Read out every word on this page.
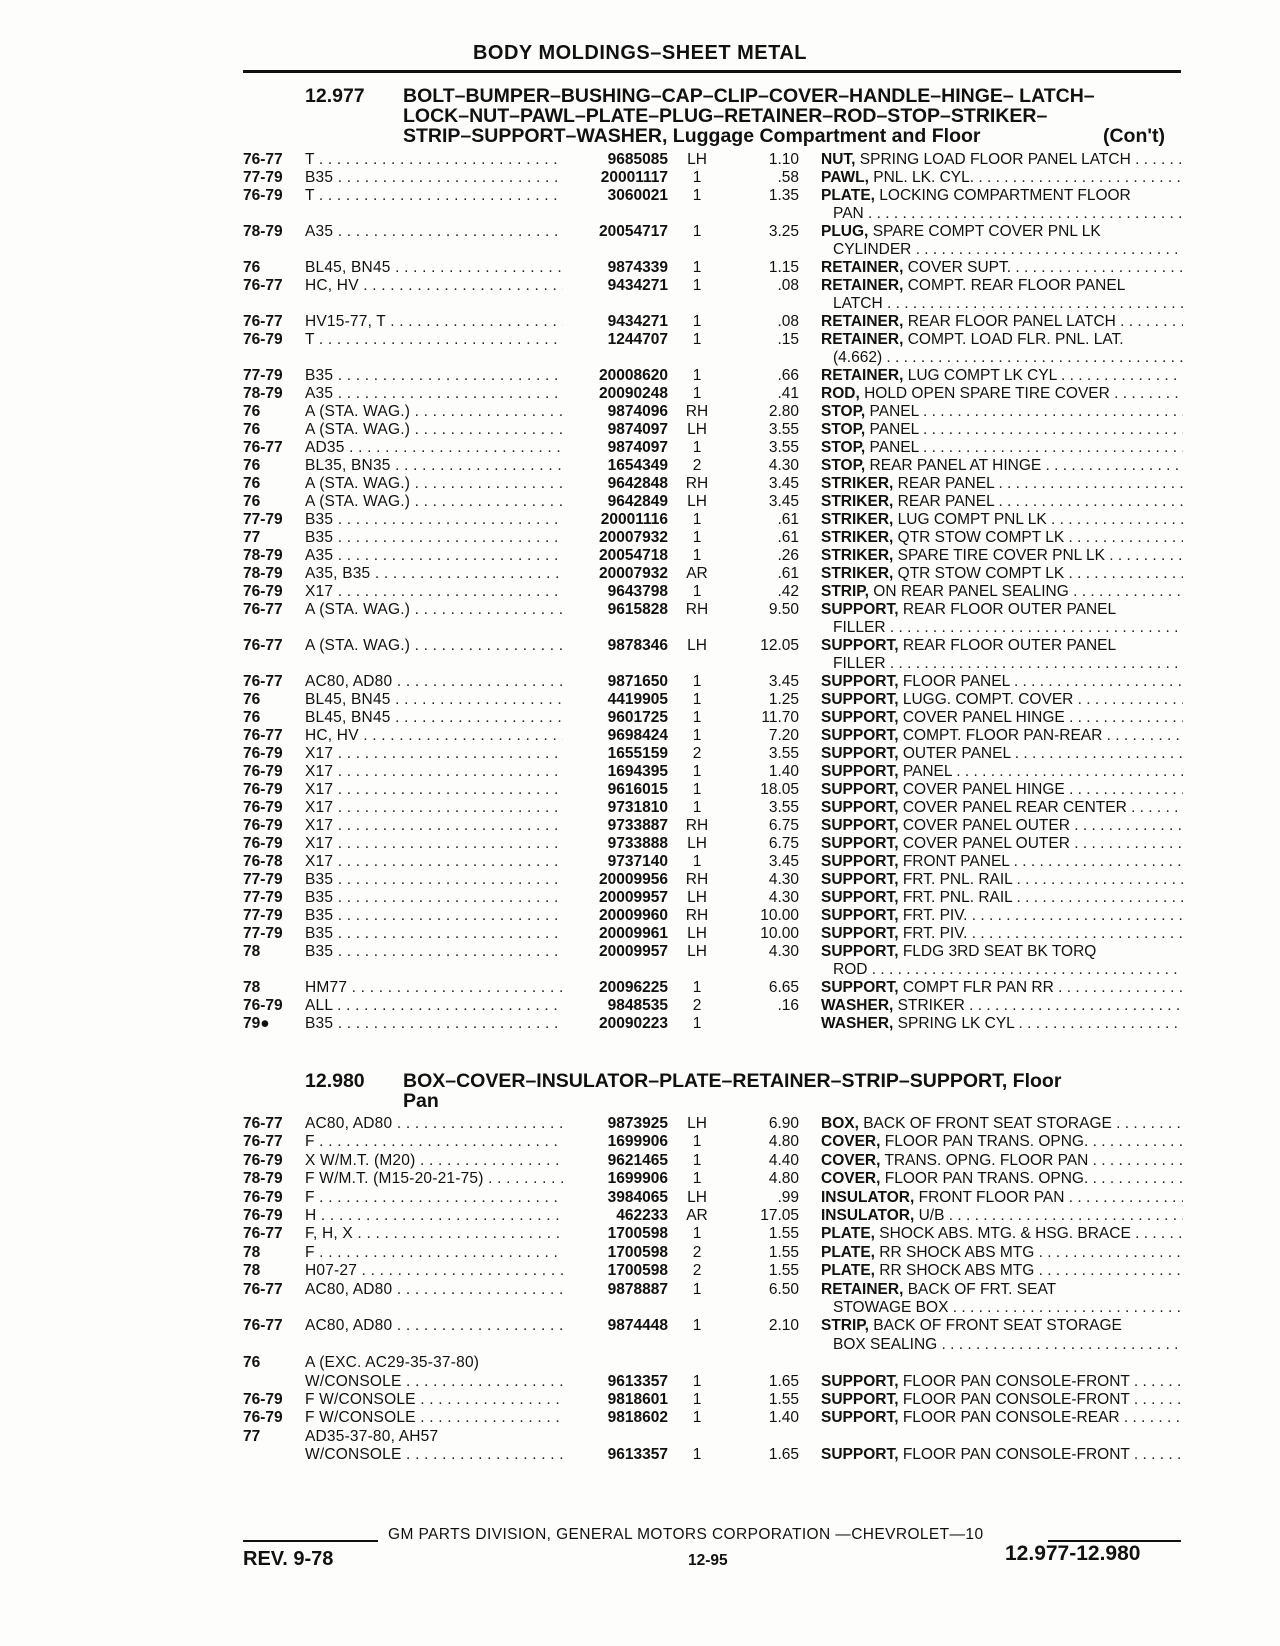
BODY MOLDINGS–SHEET METAL
12.977 BOLT–BUMPER–BUSHING–CAP–CLIP–COVER–HANDLE–HINGE– LATCH–
LOCK–NUT–PAWL–PLATE–PLUG–RETAINER–ROD–STOP–STRIKER–
STRIP–SUPPORT–WASHER, Luggage Compartment and Floor	(Con't)
76-77	T . . .	9685085	LH	1.10 NUT, SPRING LOAD FLOOR PANEL LATCH . . .
77-79	B35 . . .	20001117	1	.58 PAWL, PNL. LK. CYL. . . .
76-79	T . . .	3060021	1	1.35 PLATE, LOCKING COMPARTMENT FLOOR
PAN . . .
78-79	A35 . . .	20054717	1	3.25 PLUG, SPARE COMPT COVER PNL LK
CYLINDER . . .
76	BL45, BN45 . . .	9874339	1	1.15 RETAINER, COVER SUPT. . . .
76-77	HC, HV . . .	9434271	1	.08 RETAINER, COMPT. REAR FLOOR PANEL
LATCH . . .
76-77	HV15-77, T . . .	9434271	1	.08 RETAINER, REAR FLOOR PANEL LATCH . . .
76-79	T . . .	1244707	1	.15 RETAINER, COMPT. LOAD FLR. PNL. LAT.
(4.662) . . .
77-79	B35 . . .	20008620	1	.66 RETAINER, LUG COMPT LK CYL . . .
78-79	A35 . . .	20090248	1	.41 ROD, HOLD OPEN SPARE TIRE COVER . . .
76	A (STA. WAG.) . . .	9874096	RH	2.80 STOP, PANEL . . .
76	A (STA. WAG.) . . .	9874097	LH	3.55 STOP, PANEL . . .
76-77	AD35 . . .	9874097	1	3.55 STOP, PANEL . . .
76	BL35, BN35 . . .	1654349	2	4.30 STOP, REAR PANEL AT HINGE . . .
76	A (STA. WAG.) . . .	9642848	RH	3.45 STRIKER, REAR PANEL . . .
76	A (STA. WAG.) . . .	9642849	LH	3.45 STRIKER, REAR PANEL . . .
77-79	B35 . . .	20001116	1	.61 STRIKER, LUG COMPT PNL LK . . .
77	B35 . . .	20007932	1	.61 STRIKER, QTR STOW COMPT LK . . .
78-79	A35 . . .	20054718	1	.26 STRIKER, SPARE TIRE COVER PNL LK . . .
78-79	A35, B35 . . .	20007932	AR	.61 STRIKER, QTR STOW COMPT LK . . .
76-79	X17 . . .	9643798	1	.42 STRIP, ON REAR PANEL SEALING . . .
76-77	A (STA. WAG.) . . .	9615828	RH	9.50 SUPPORT, REAR FLOOR OUTER PANEL
FILLER . . .
76-77	A (STA. WAG.) . . .	9878346	LH	12.05 SUPPORT, REAR FLOOR OUTER PANEL
FILLER . . .
76-77	AC80, AD80 . . .	9871650	1	3.45 SUPPORT, FLOOR PANEL . . .
76	BL45, BN45 . . .	4419905	1	1.25 SUPPORT, LUGG. COMPT. COVER . . .
76	BL45, BN45 . . .	9601725	1	11.70 SUPPORT, COVER PANEL HINGE . . .
76-77	HC, HV . . .	9698424	1	7.20 SUPPORT, COMPT. FLOOR PAN-REAR . . .
76-79	X17 . . .	1655159	2	3.55 SUPPORT, OUTER PANEL . . .
76-79	X17 . . .	1694395	1	1.40 SUPPORT, PANEL . . .
76-79	X17 . . .	9616015	1	18.05 SUPPORT, COVER PANEL HINGE . . .
76-79	X17 . . .	9731810	1	3.55 SUPPORT, COVER PANEL REAR CENTER . . .
76-79	X17 . . .	9733887	RH	6.75 SUPPORT, COVER PANEL OUTER . . .
76-79	X17 . . .	9733888	LH	6.75 SUPPORT, COVER PANEL OUTER . . .
76-78	X17 . . .	9737140	1	3.45 SUPPORT, FRONT PANEL . . .
77-79	B35 . . .	20009956	RH	4.30 SUPPORT, FRT. PNL. RAIL . . .
77-79	B35 . . .	20009957	LH	4.30 SUPPORT, FRT. PNL. RAIL . . .
77-79	B35 . . .	20009960	RH	10.00 SUPPORT, FRT. PIV. . . .
77-79	B35 . . .	20009961	LH	10.00 SUPPORT, FRT. PIV. . . .
78	B35 . . .	20009957	LH	4.30 SUPPORT, FLDG 3RD SEAT BK TORQ
ROD . . .
78	HM77 . . .	20096225	1	6.65 SUPPORT, COMPT FLR PAN RR . . .
76-79	ALL . . .	9848535	2	.16 WASHER, STRIKER . . .
79●	B35 . . .	20090223	1	WASHER, SPRING LK CYL . . .
12.980 BOX–COVER–INSULATOR–PLATE–RETAINER–STRIP–SUPPORT, Floor
Pan
76-77	AC80, AD80 . . .	9873925	LH	6.90 BOX, BACK OF FRONT SEAT STORAGE . . .
76-77	F . . .	1699906	1	4.80 COVER, FLOOR PAN TRANS. OPNG. . . .
76-79	X W/M.T. (M20) . . .	9621465	1	4.40 COVER, TRANS. OPNG. FLOOR PAN . . .
78-79	F W/M.T. (M15-20-21-75) . . .	1699906	1	4.80 COVER, FLOOR PAN TRANS. OPNG. . . .
76-79	F . . .	3984065	LH	.99 INSULATOR, FRONT FLOOR PAN . . .
76-79	H . . .	462233	AR	17.05 INSULATOR, U/B . . .
76-77	F, H, X . . .	1700598	1	1.55 PLATE, SHOCK ABS. MTG. & HSG. BRACE . . .
78	F . . .	1700598	2	1.55 PLATE, RR SHOCK ABS MTG . . .
78	H07-27 . . .	1700598	2	1.55 PLATE, RR SHOCK ABS MTG . . .
76-77	AC80, AD80 . . .	9878887	1	6.50 RETAINER, BACK OF FRT. SEAT
STOWAGE BOX . . .
76-77	AC80, AD80 . . .	9874448	1	2.10 STRIP, BACK OF FRONT SEAT STORAGE
BOX SEALING . . .
76	A (EXC. AC29-35-37-80)
W/CONSOLE . . .	9613357	1	1.65 SUPPORT, FLOOR PAN CONSOLE-FRONT . . .
76-79	F W/CONSOLE . . .	9818601	1	1.55 SUPPORT, FLOOR PAN CONSOLE-FRONT . . .
76-79	F W/CONSOLE . . .	9818602	1	1.40 SUPPORT, FLOOR PAN CONSOLE-REAR . . .
77	AD35-37-80, AH57
W/CONSOLE . . .	9613357	1	1.65 SUPPORT, FLOOR PAN CONSOLE-FRONT . . .
GM PARTS DIVISION, GENERAL MOTORS CORPORATION —CHEVROLET—10
REV. 9-78	12-95	12.977-12.980
